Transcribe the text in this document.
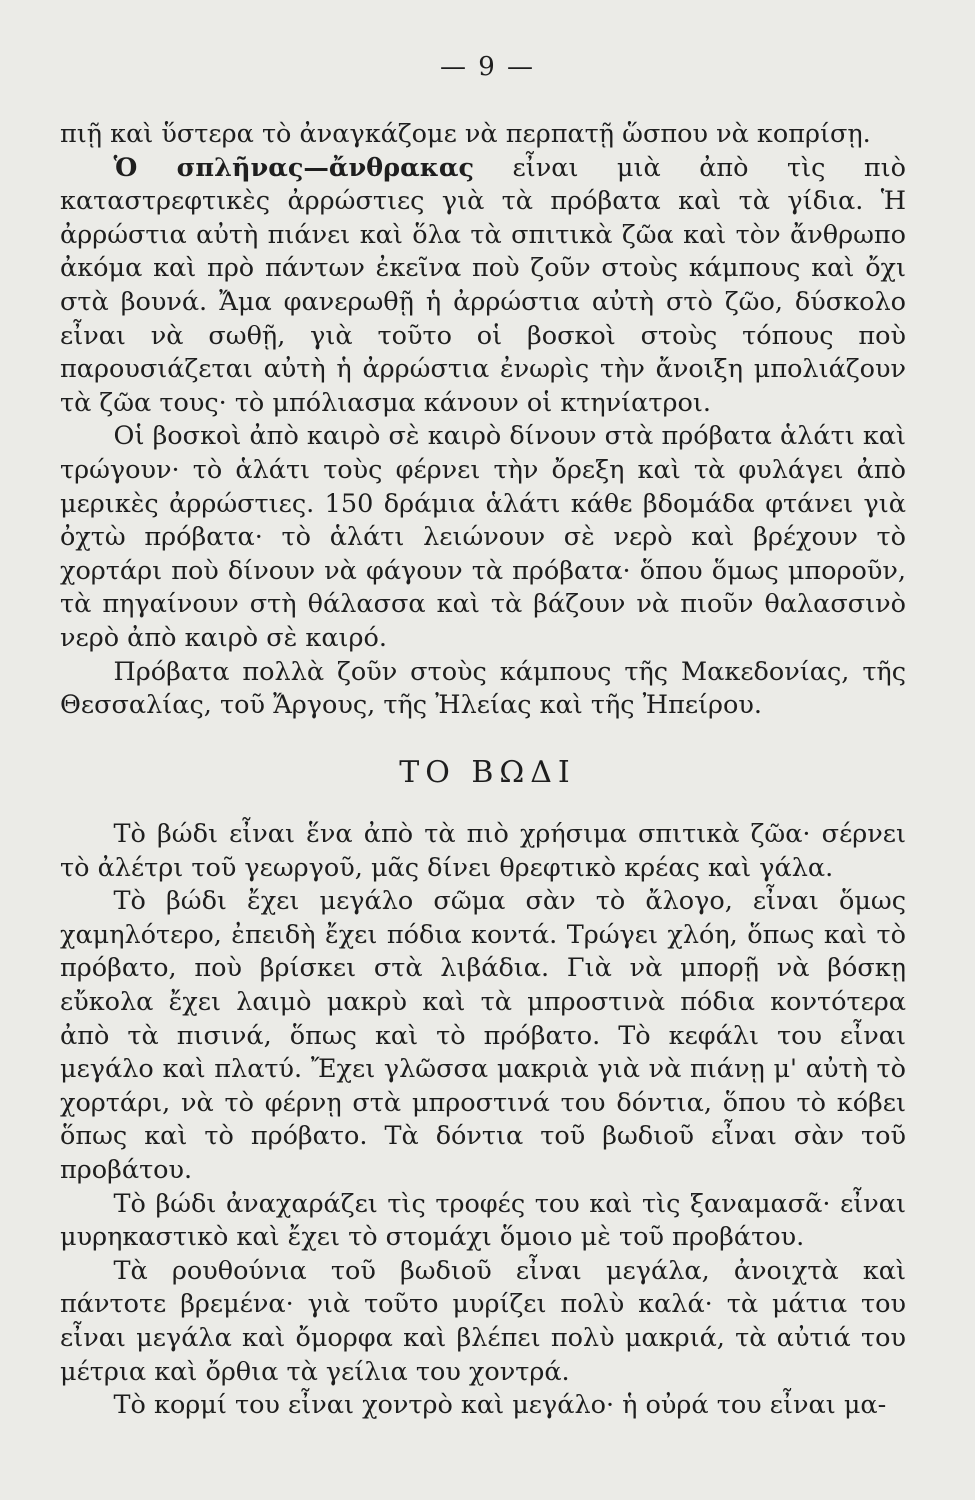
— 9 —

πιῇ καὶ ὕστερα τὸ ἀναγκάζομε νὰ περπατῇ ὥσπου νὰ κοπρίσῃ.

Ὁ σπλῆνας—ἄνθρακας εἶναι μιὰ ἀπὸ τὶς πιὸ καταστρεφτικὲς ἀρρώστιες γιὰ τὰ πρόβατα καὶ τὰ γίδια. Ἡ ἀρρώστια αὐτὴ πιάνει καὶ ὅλα τὰ σπιτικὰ ζῶα καὶ τὸν ἄνθρωπο ἀκόμα καὶ πρὸ πάντων ἐκεῖνα ποὺ ζοῦν στοὺς κάμπους καὶ ὄχι στὰ βουνά. Ἄμα φανερωθῇ ἡ ἀρρώστια αὐτὴ στὸ ζῶο, δύσκολο εἶναι νὰ σωθῇ, γιὰ τοῦτο οἱ βοσκοὶ στοὺς τόπους ποὺ παρουσιάζεται αὐτὴ ἡ ἀρρώστια ἐνωρὶς τὴν ἄνοιξη μπολιάζουν τὰ ζῶα τους· τὸ μπόλιασμα κάνουν οἱ κτηνίατροι.

Οἱ βοσκοὶ ἀπὸ καιρὸ σὲ καιρὸ δίνουν στὰ πρόβατα ἁλάτι καὶ τρώγουν· τὸ ἁλάτι τοὺς φέρνει τὴν ὄρεξη καὶ τὰ φυλάγει ἀπὸ μερικὲς ἀρρώστιες. 150 δράμια ἁλάτι κάθε βδομάδα φτάνει γιὰ ὀχτὼ πρόβατα· τὸ ἁλάτι λειώνουν σὲ νερὸ καὶ βρέχουν τὸ χορτάρι ποὺ δίνουν νὰ φάγουν τὰ πρόβατα· ὅπου ὅμως μποροῦν, τὰ πηγαίνουν στὴ θάλασσα καὶ τὰ βάζουν νὰ πιοῦν θαλασσινὸ νερὸ ἀπὸ καιρὸ σὲ καιρό.

Πρόβατα πολλὰ ζοῦν στοὺς κάμπους τῆς Μακεδονίας, τῆς Θεσσαλίας, τοῦ Ἄργους, τῆς Ἠλείας καὶ τῆς Ἠπείρου.

ΤΟ ΒΩΔΙ

Τὸ βώδι εἶναι ἕνα ἀπὸ τὰ πιὸ χρήσιμα σπιτικὰ ζῶα· σέρνει τὸ ἀλέτρι τοῦ γεωργοῦ, μᾶς δίνει θρεφτικὸ κρέας καὶ γάλα.

Τὸ βώδι ἔχει μεγάλο σῶμα σὰν τὸ ἄλογο, εἶναι ὅμως χαμηλότερο, ἐπειδὴ ἔχει πόδια κοντά. Τρώγει χλόη, ὅπως καὶ τὸ πρόβατο, ποὺ βρίσκει στὰ λιβάδια. Γιὰ νὰ μπορῇ νὰ βόσκῃ εὔκολα ἔχει λαιμὸ μακρὺ καὶ τὰ μπροστινὰ πόδια κοντότερα ἀπὸ τὰ πισινά, ὅπως καὶ τὸ πρόβατο. Τὸ κεφάλι του εἶναι μεγάλο καὶ πλατύ. Ἔχει γλῶσσα μακριὰ γιὰ νὰ πιάνῃ μ' αὐτὴ τὸ χορτάρι, νὰ τὸ φέρνῃ στὰ μπροστινά του δόντια, ὅπου τὸ κόβει ὅπως καὶ τὸ πρόβατο. Τὰ δόντια τοῦ βωδιοῦ εἶναι σὰν τοῦ προβάτου.

Τὸ βώδι ἀναχαράζει τὶς τροφές του καὶ τὶς ξαναμασᾶ· εἶναι μυρηκαστικὸ καὶ ἔχει τὸ στομάχι ὅμοιο μὲ τοῦ προβάτου.

Τὰ ρουθούνια τοῦ βωδιοῦ εἶναι μεγάλα, ἀνοιχτὰ καὶ πάντοτε βρεμένα· γιὰ τοῦτο μυρίζει πολὺ καλά· τὰ μάτια του εἶναι μεγάλα καὶ ὄμορφα καὶ βλέπει πολὺ μακριά, τὰ αὐτιά του μέτρια καὶ ὄρθια τὰ γείλια του χοντρά.

Τὸ κορμί του εἶναι χοντρὸ καὶ μεγάλο· ἡ οὐρά του εἶναι μα-
